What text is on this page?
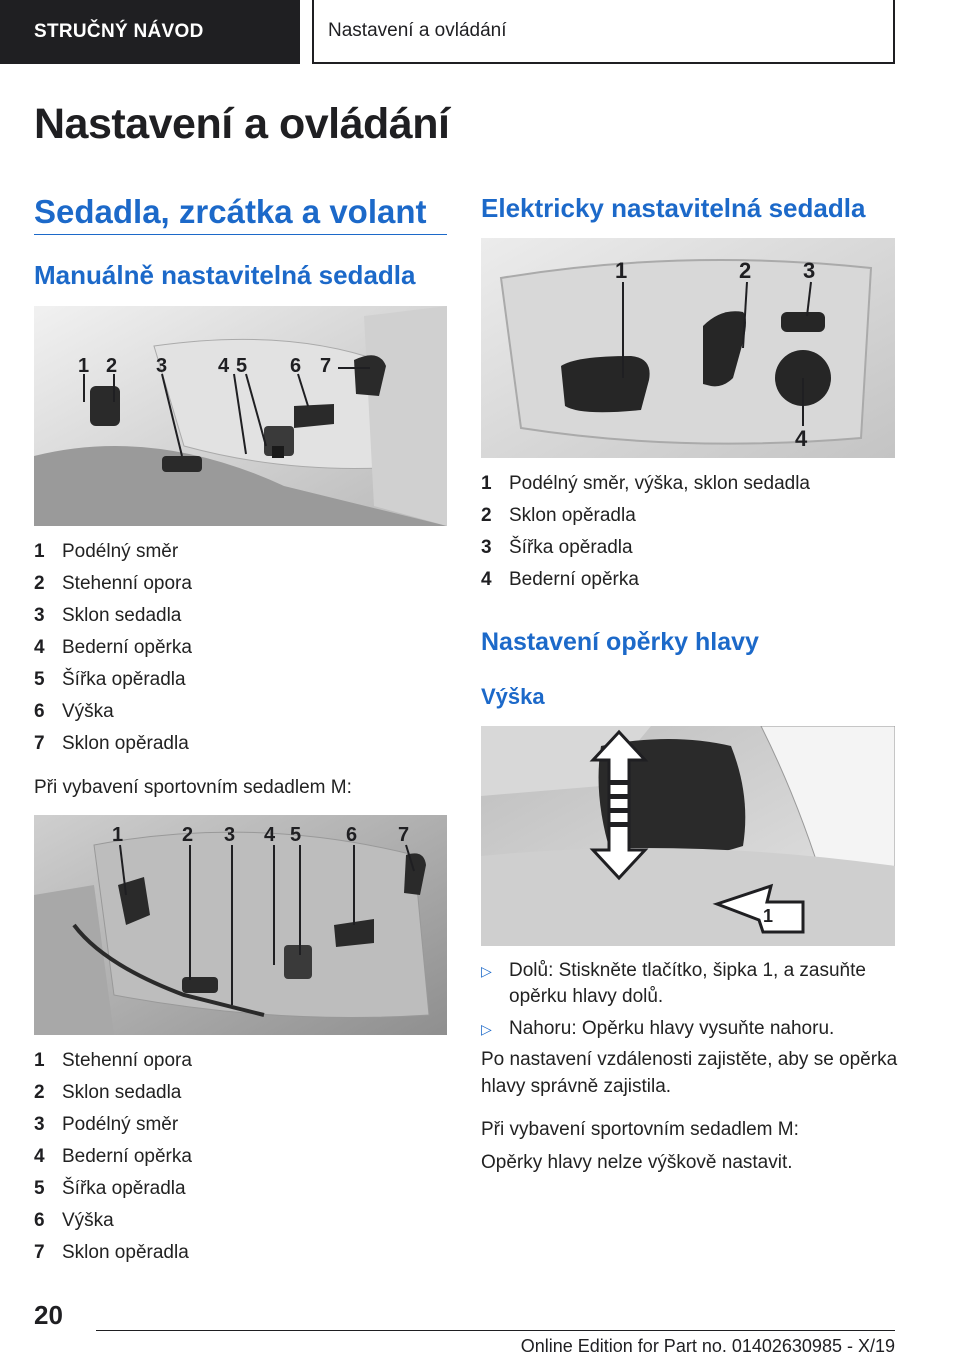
STRUČNÝ NÁVOD	Nastavení a ovládání
Nastavení a ovládání
Sedadla, zrcátka a volant
Manuálně nastavitelná sedadla
1 2 3	4 5 6 7
1 Podélný směr
2 Stehenní opora
3 Sklon sedadla
4 Bederní opěrka
5 Šířka opěradla
6 Výška
7 Sklon opěradla

Při vybavení sportovním sedadlem M:

1	2 3 4 5 6 7
1 Stehenní opora
2 Sklon sedadla
3 Podélný směr
4 Bederní opěrka
5 Šířka opěradla
6 Výška
7 Sklon opěradla
Elektricky nastavitelná sedadla
1	2 3
4
1 Podélný směr, výška, sklon sedadla
2 Sklon opěradla
3 Šířka opěradla
4 Bederní opěrka
Nastavení opěrky hlavy
Výška
1
▷ Dolů: Stiskněte tlačítko, šipka 1, a zasuňte
opěrku hlavy dolů.
▷ Nahoru: Opěrku hlavy vysuňte nahoru.

Po nastavení vzdálenosti zajistěte, aby se opěrka
hlavy správně zajistila.

Při vybavení sportovním sedadlem M:

Opěrky hlavy nelze výškově nastavit.

20
Online Edition for Part no. 01402630985 - X/19
